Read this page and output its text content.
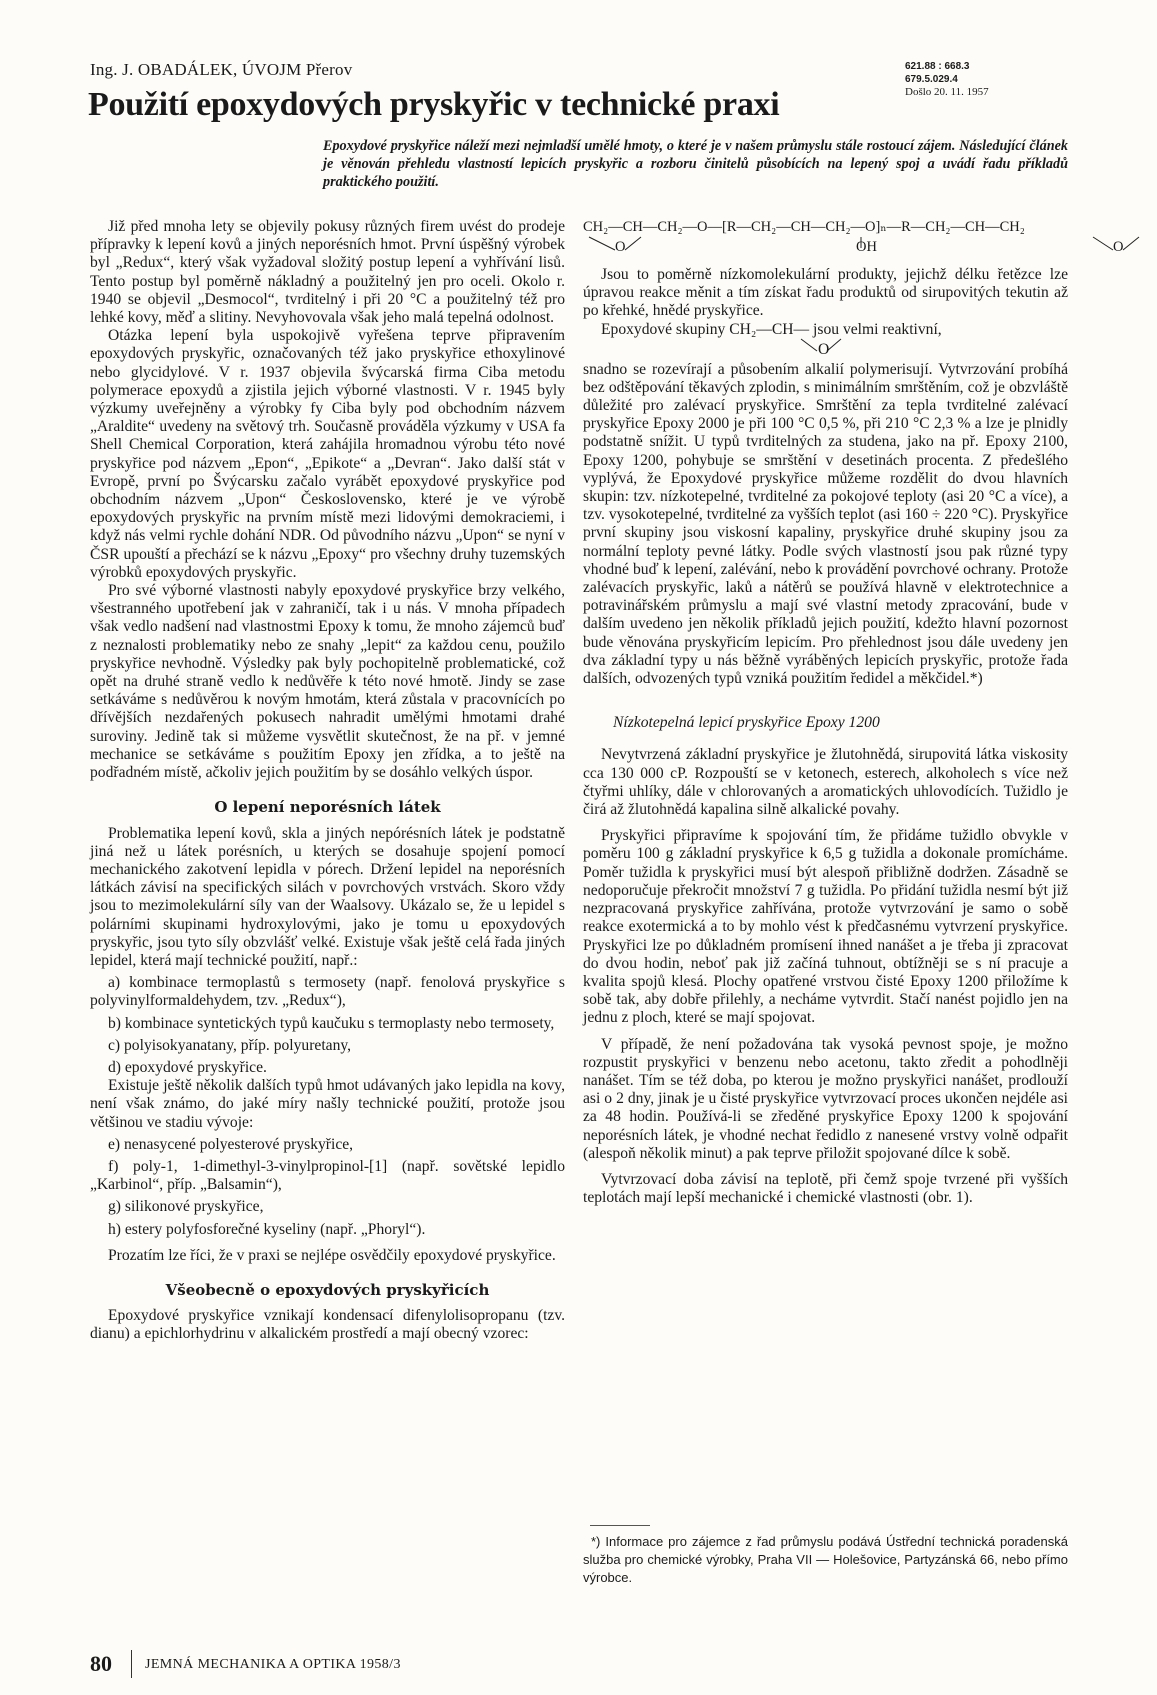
Ing. J. OBADÁLEK, ÚVOJM Přerov
Použití epoxydových pryskyřic v technické praxi
621.88 : 668.3
679.5.029.4
Došlo 20. 11. 1957
Epoxydové pryskyřice náleží mezi nejmladší umělé hmoty, o které je v našem průmyslu stále rostoucí zájem. Následující článek je věnován přehledu vlastností lepicích pryskyřic a rozboru činitelů působících na lepený spoj a uvádí řadu příkladů praktického použití.

Již před mnoha lety se objevily pokusy různých firem uvést do prodeje přípravky k lepení kovů a jiných neporésních hmot. První úspěšný výrobek byl „Redux“, který však vyžadoval složitý postup lepení a vyhřívání lisů. Tento postup byl poměrně nákladný a použitelný jen pro oceli. Okolo r. 1940 se objevil „Desmocol“, tvrditelný i při 20 °C a použitelný též pro lehké kovy, měď a slitiny. Nevyhovovala však jeho malá tepelná odolnost.

Otázka lepení byla uspokojivě vyřešena teprve připravením epoxydových pryskyřic, označovaných též jako pryskyřice ethoxylinové nebo glycidylové. V r. 1937 objevila švýcarská firma Ciba metodu polymerace epoxydů a zjistila jejich výborné vlastnosti. V r. 1945 byly výzkumy uveřejněny a výrobky fy Ciba byly pod obchodním názvem „Araldite“ uvedeny na světový trh. Současně prováděla výzkumy v USA fa Shell Chemical Corporation, která zahájila hromadnou výrobu této nové pryskyřice pod názvem „Epon“, „Epikote“ a „Devran“. Jako další stát v Evropě, první po Švýcarsku začalo vyrábět epoxydové pryskyřice pod obchodním názvem „Upon“ Československo, které je ve výrobě epoxydových pryskyřic na prvním místě mezi lidovými demokraciemi, i když nás velmi rychle dohání NDR. Od původního názvu „Upon“ se nyní v ČSR upouští a přechází se k názvu „Epoxy“ pro všechny druhy tuzemských výrobků epoxydových pryskyřic.

Pro své výborné vlastnosti nabyly epoxydové pryskyřice brzy velkého, všestranného upotřebení jak v zahraničí, tak i u nás. V mnoha případech však vedlo nadšení nad vlastnostmi Epoxy k tomu, že mnoho zájemců buď z neznalosti problematiky nebo ze snahy „lepit“ za každou cenu, použilo pryskyřice nevhodně. Výsledky pak byly pochopitelně problematické, což opět na druhé straně vedlo k nedůvěře k této nové hmotě. Jindy se zase setkáváme s nedůvěrou k novým hmotám, která zůstala v pracovnících po dřívějších nezdařených pokusech nahradit umělými hmotami drahé suroviny. Jedině tak si můžeme vysvětlit skutečnost, že na př. v jemné mechanice se setkáváme s použitím Epoxy jen zřídka, a to ještě na podřadném místě, ačkoliv jejich použitím by se dosáhlo velkých úspor.

O lepení neporésních látek

Problematika lepení kovů, skla a jiných nepórésních látek je podstatně jiná než u látek porésních, u kterých se dosahuje spojení pomocí mechanického zakotvení lepidla v pórech. Držení lepidel na neporésních látkách závisí na specifických silách v povrchových vrstvách. Skoro vždy jsou to mezimolekulární síly van der Waalsovy. Ukázalo se, že u lepidel s polárními skupinami hydroxylovými, jako je tomu u epoxydových pryskyřic, jsou tyto síly obzvlášť velké. Existuje však ještě celá řada jiných lepidel, která mají technické použití, např.:

a) kombinace termoplastů s termosety (např. fenolová pryskyřice s polyvinylformaldehydem, tzv. „Redux“),

b) kombinace syntetických typů kaučuku s termoplasty nebo termosety,

c) polyisokyanatany, příp. polyuretany,

d) epoxydové pryskyřice.

Existuje ještě několik dalších typů hmot udávaných jako lepidla na kovy, není však známo, do jaké míry našly technické použití, protože jsou většinou ve stadiu vývoje:

e) nenasycené polyesterové pryskyřice,

f) poly-1, 1-dimethyl-3-vinylpropinol-[1] (např. sovětské lepidlo „Karbinol“, příp. „Balsamin“),

g) silikonové pryskyřice,

h) estery polyfosforečné kyseliny (např. „Phoryl“).

Prozatím lze říci, že v praxi se nejlépe osvědčily epoxydové pryskyřice.

Všeobecně o epoxydových pryskyřicích

Epoxydové pryskyřice vznikají kondensací difenylolisopropanu (tzv. dianu) a epichlorhydrinu v alkalickém prostředí a mají obecný vzorec:

CH₂—CH—CH₂—O—[R—CH₂—CH—CH₂—O]ₙ—R—CH₂—CH—CH₂
O	OH	O

Jsou to poměrně nízkomolekulární produkty, jejichž délku řetězce lze úpravou reakce měnit a tím získat řadu produktů od sirupovitých tekutin až po křehké, hnědé pryskyřice.

Epoxydové skupiny CH₂—CH— jsou velmi reaktivní,
O

snadno se rozevírají a působením alkalií polymerisují. Vytvrzování probíhá bez odštěpování těkavých zplodin, s minimálním smrštěním, což je obzvláště důležité pro zalévací pryskyřice. Smrštění za tepla tvrditelné zalévací pryskyřice Epoxy 2000 je při 100 °C 0,5 %, při 210 °C 2,3 % a lze je plnidly podstatně snížit. U typů tvrditelných za studena, jako na př. Epoxy 2100, Epoxy 1200, pohybuje se smrštění v desetinách procenta. Z předešlého vyplývá, že Epoxydové pryskyřice můžeme rozdělit do dvou hlavních skupin: tzv. nízkotepelné, tvrditelné za pokojové teploty (asi 20 °C a více), a tzv. vysokotepelné, tvrditelné za vyšších teplot (asi 160 ÷ 220 °C). Pryskyřice první skupiny jsou viskosní kapaliny, pryskyřice druhé skupiny jsou za normální teploty pevné látky. Podle svých vlastností jsou pak různé typy vhodné buď k lepení, zalévání, nebo k provádění povrchové ochrany. Protože zalévacích pryskyřic, laků a nátěrů se používá hlavně v elektrotechnice a potravinářském průmyslu a mají své vlastní metody zpracování, bude v dalším uvedeno jen několik příkladů jejich použití, kdežto hlavní pozornost bude věnována pryskyřicím lepicím. Pro přehlednost jsou dále uvedeny jen dva základní typy u nás běžně vyráběných lepicích pryskyřic, protože řada dalších, odvozených typů vzniká použitím ředidel a měkčidel.*)

Nízkotepelná lepicí pryskyřice Epoxy 1200

Nevytvrzená základní pryskyřice je žlutohnědá, sirupovitá látka viskosity cca 130 000 cP. Rozpouští se v ketonech, esterech, alkoholech s více než čtyřmi uhlíky, dále v chlorovaných a aromatických uhlovodících. Tužidlo je čirá až žlutohnědá kapalina silně alkalické povahy.

Pryskyřici připravíme k spojování tím, že přidáme tužidlo obvykle v poměru 100 g základní pryskyřice k 6,5 g tužidla a dokonale promícháme. Poměr tužidla k pryskyřici musí být alespoň přibližně dodržen. Zásadně se nedoporučuje překročit množství 7 g tužidla. Po přidání tužidla nesmí být již nezpracovaná pryskyřice zahřívána, protože vytvrzování je samo o sobě reakce exotermická a to by mohlo vést k předčasnému vytvrzení pryskyřice. Pryskyřici lze po důkladném promísení ihned nanášet a je třeba ji zpracovat do dvou hodin, neboť pak již začíná tuhnout, obtížněji se s ní pracuje a kvalita spojů klesá. Plochy opatřené vrstvou čisté Epoxy 1200 přiložíme k sobě tak, aby dobře přilehly, a necháme vytvrdit. Stačí nanést pojidlo jen na jednu z ploch, které se mají spojovat.

V případě, že není požadována tak vysoká pevnost spoje, je možno rozpustit pryskyřici v benzenu nebo acetonu, takto zředit a pohodlněji nanášet. Tím se též doba, po kterou je možno pryskyřici nanášet, prodlouží asi o 2 dny, jinak je u čisté pryskyřice vytvrzovací proces ukončen nejdéle asi za 48 hodin. Používá-li se zředěné pryskyřice Epoxy 1200 k spojování neporésních látek, je vhodné nechat ředidlo z nanesené vrstvy volně odpařit (alespoň několik minut) a pak teprve přiložit spojované dílce k sobě.

Vytvrzovací doba závisí na teplotě, při čemž spoje tvrzené při vyšších teplotách mají lepší mechanické i chemické vlastnosti (obr. 1).

*) Informace pro zájemce z řad průmyslu podává Ústřední technická poradenská služba pro chemické výrobky, Praha VII — Holešovice, Partyzánská 66, nebo přímo výrobce.
80 JEMNÁ MECHANIKA A OPTIKA 1958/3
